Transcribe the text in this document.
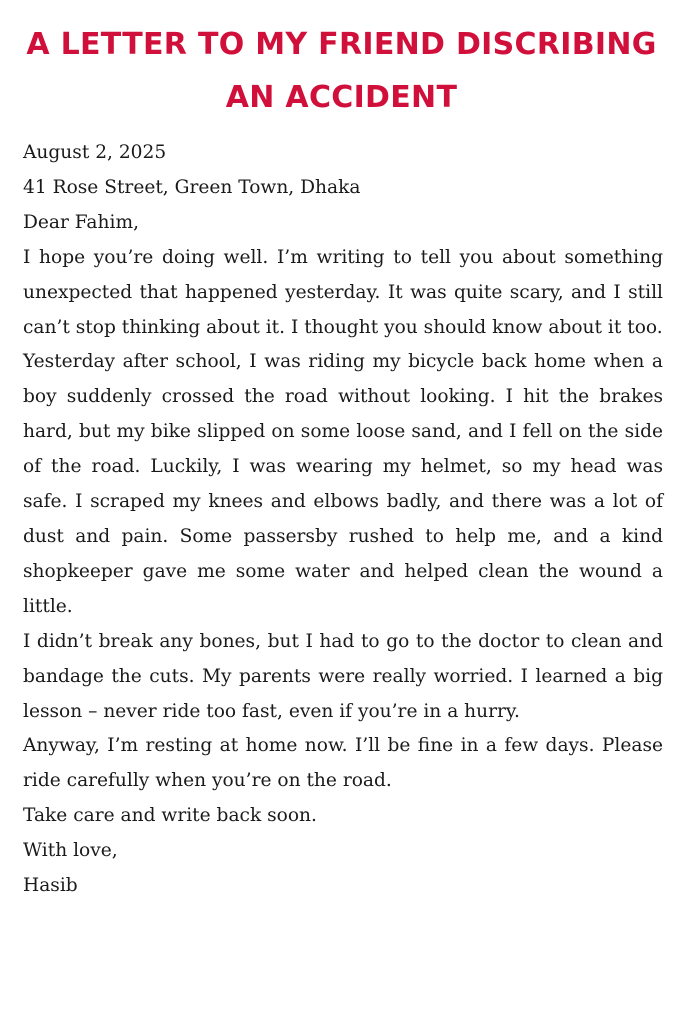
A LETTER TO MY FRIEND DISCRIBING AN ACCIDENT

August 2, 2025

41 Rose Street, Green Town, Dhaka

Dear Fahim,

I hope you’re doing well. I’m writing to tell you about something unexpected that happened yesterday. It was quite scary, and I still can’t stop thinking about it. I thought you should know about it too.

Yesterday after school, I was riding my bicycle back home when a boy suddenly crossed the road without looking. I hit the brakes hard, but my bike slipped on some loose sand, and I fell on the side of the road. Luckily, I was wearing my helmet, so my head was safe. I scraped my knees and elbows badly, and there was a lot of dust and pain. Some passersby rushed to help me, and a kind shopkeeper gave me some water and helped clean the wound a little.

I didn’t break any bones, but I had to go to the doctor to clean and bandage the cuts. My parents were really worried. I learned a big lesson – never ride too fast, even if you’re in a hurry.

Anyway, I’m resting at home now. I’ll be fine in a few days. Please ride carefully when you’re on the road.

Take care and write back soon.

With love,

Hasib
